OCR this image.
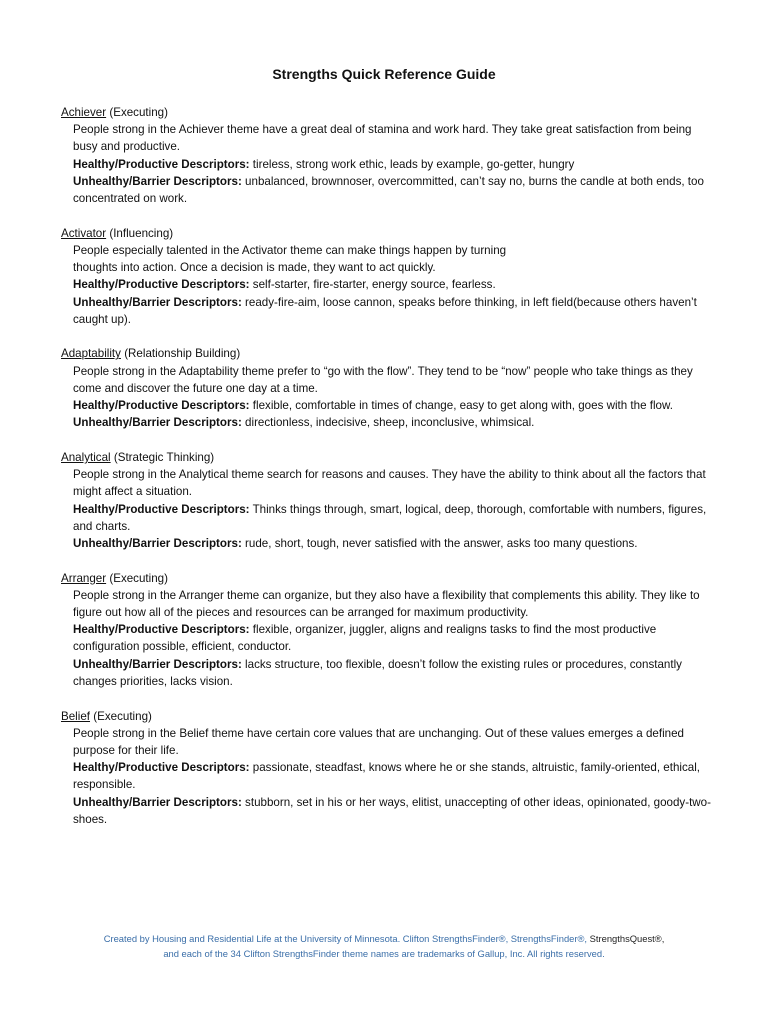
Strengths Quick Reference Guide
Achiever (Executing)

People strong in the Achiever theme have a great deal of stamina and work hard. They take great satisfaction from being busy and productive.

Healthy/Productive Descriptors: tireless, strong work ethic, leads by example, go-getter, hungry

Unhealthy/Barrier Descriptors: unbalanced, brownnoser, overcommitted, can’t say no, burns the candle at both ends, too concentrated on work.

Activator (Influencing)

People especially talented in the Activator theme can make things happen by turning

thoughts into action. Once a decision is made, they want to act quickly.

Healthy/Productive Descriptors: self-starter, fire-starter, energy source, fearless.

Unhealthy/Barrier Descriptors: ready-fire-aim, loose cannon, speaks before thinking, in left field(because others haven’t caught up).

Adaptability (Relationship Building)

People strong in the Adaptability theme prefer to “go with the flow”. They tend to be “now” people who take things as they come and discover the future one day at a time.

Healthy/Productive Descriptors: flexible, comfortable in times of change, easy to get along with, goes with the flow.

Unhealthy/Barrier Descriptors: directionless, indecisive, sheep, inconclusive, whimsical.

Analytical (Strategic Thinking)

People strong in the Analytical theme search for reasons and causes. They have the ability to think about all the factors that might affect a situation.

Healthy/Productive Descriptors: Thinks things through, smart, logical, deep, thorough, comfortable with numbers, figures, and charts.

Unhealthy/Barrier Descriptors: rude, short, tough, never satisfied with the answer, asks too many questions.

Arranger (Executing)

People strong in the Arranger theme can organize, but they also have a flexibility that complements this ability. They like to figure out how all of the pieces and resources can be arranged for maximum productivity.

Healthy/Productive Descriptors: flexible, organizer, juggler, aligns and realigns tasks to find the most productive configuration possible, efficient, conductor.

Unhealthy/Barrier Descriptors: lacks structure, too flexible, doesn’t follow the existing rules or procedures, constantly changes priorities, lacks vision.

Belief (Executing)

People strong in the Belief theme have certain core values that are unchanging. Out of these values emerges a defined purpose for their life.

Healthy/Productive Descriptors: passionate, steadfast, knows where he or she stands, altruistic, family-oriented, ethical, responsible.

Unhealthy/Barrier Descriptors: stubborn, set in his or her ways, elitist, unaccepting of other ideas, opinionated, goody-two-shoes.

Created by Housing and Residential Life at the University of Minnesota. Clifton StrengthsFinder®, StrengthsFinder®, StrengthsQuest®,

and each of the 34 Clifton StrengthsFinder theme names are trademarks of Gallup, Inc. All rights reserved.
